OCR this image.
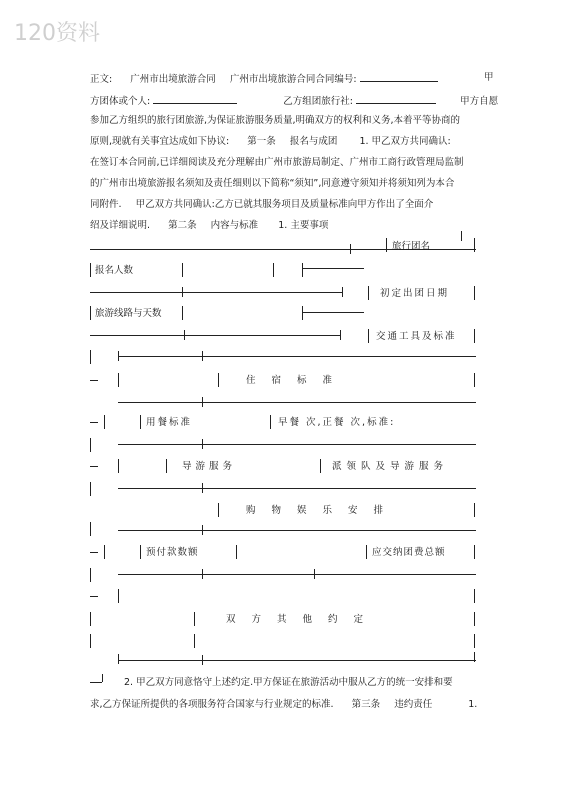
120资料
正文: 广州市出境旅游合同 广州市出境旅游合同合同编号:	甲
方团体或个人:	乙方组团旅行社:	甲方自愿
参加乙方组织的旅行团旅游,为保证旅游服务质量,明确双方的权利和义务,本着平等协商的
原则,现就有关事宜达成如下协议: 第一条 报名与成团 1. 甲乙双方共同确认:
在签订本合同前,已详细阅读及充分理解由广州市旅游局制定、广州市工商行政管理局监制
的广州市出境旅游报名须知及责任细则以下简称“须知”,同意遵守须知并将须知列为本合
同附件. 甲乙双方共同确认:乙方已就其服务项目及质量标准向甲方作出了全面介
绍及详细说明. 第二条 内容与标准 1. 主要事项
旅行团名
报名人数
初定出团日期
旅游线路与天数
交通工具及标准
住宿标准
用餐标准	早餐 次,正餐 次,标准:
导游服务	派领队及导游服务
购物娱乐安排
预付款数额	应交纳团费总额
双方其他约定
2. 甲乙双方同意恪守上述约定.甲方保证在旅游活动中服从乙方的统一安排和要
求,乙方保证所提供的各项服务符合国家与行业规定的标准. 第三条 违约责任	1.
